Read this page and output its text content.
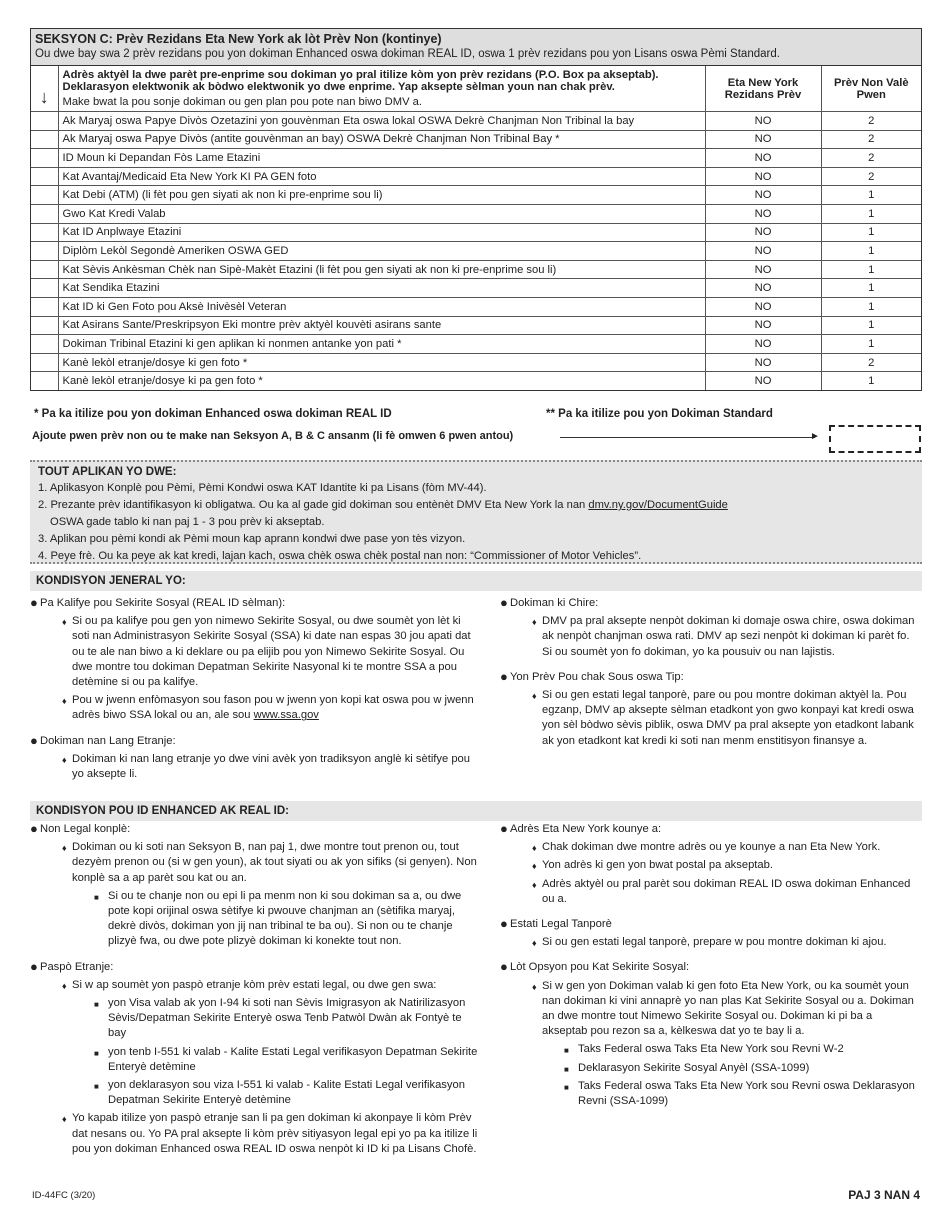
SEKSYON C: Prèv Rezidans Eta New York ak lòt Prèv Non (kontinye)
Ou dwe bay swa 2 prèv rezidans pou yon dokiman Enhanced oswa dokiman REAL ID, oswa 1 prèv rezidans pou yon Lisans oswa Pèmi Standard.
↓	Adrès aktyèl la dwe parèt pre-enprime sou dokiman yo pral itilize kòm yon prèv rezidans (P.O. Box pa akseptab). Deklarasyon elektwonik ak bòdwo elektwonik yo dwe enprime. Yap aksepte sèlman youn nan chak prèv.
Make bwat la pou sonje dokiman ou gen plan pou pote nan biwo DMV a.	Eta New York Rezidans Prèv	Prèv Non Valè Pwen
	Ak Maryaj oswa Papye Divòs Ozetazini yon gouvènman Eta oswa lokal OSWA Dekrè Chanjman Non Tribinal la bay	NO	2
	Ak Maryaj oswa Papye Divòs (antite gouvènman an bay) OSWA Dekrè Chanjman Non Tribinal Bay *	NO	2
	ID Moun ki Depandan Fòs Lame Etazini	NO	2
	Kat Avantaj/Medicaid Eta New York KI PA GEN foto	NO	2
	Kat Debi (ATM) (li fèt pou gen siyati ak non ki pre-enprime sou li)	NO	1
	Gwo Kat Kredi Valab	NO	1
	Kat ID Anplwaye Etazini	NO	1
	Diplòm Lekòl Segondè Ameriken OSWA GED	NO	1
	Kat Sèvis Ankèsman Chèk nan Sipè-Makèt Etazini (li fèt pou gen siyati ak non ki pre-enprime sou li)	NO	1
	Kat Sendika Etazini	NO	1
	Kat ID ki Gen Foto pou Aksè Inivèsèl Veteran	NO	1
	Kat Asirans Sante/Preskripsyon Eki montre prèv aktyèl kouvèti asirans sante	NO	1
	Dokiman Tribinal Etazini ki gen aplikan ki nonmen antanke yon pati *	NO	1
	Kanè lekòl etranje/dosye ki gen foto *	NO	2
	Kanè lekòl etranje/dosye ki pa gen foto *	NO	1
* Pa ka itilize pou yon dokiman Enhanced oswa dokiman REAL ID	** Pa ka itilize pou yon Dokiman Standard
Ajoute pwen prèv non ou te make nan Seksyon A, B & C ansanm (li fè omwen 6 pwen antou)	►
TOUT APLIKAN YO DWE:
1. Aplikasyon Konplè pou Pèmi, Pèmi Kondwi oswa KAT Idantite ki pa Lisans (fòm MV-44).
2. Prezante prèv idantifikasyon ki obligatwa. Ou ka al gade gid dokiman sou entènèt DMV Eta New York la nan dmv.ny.gov/DocumentGuide
OSWA gade tablo ki nan paj 1 - 3 pou prèv ki akseptab.
3. Aplikan pou pèmi kondi ak Pèmi moun kap aprann kondwi dwe pase yon tès vizyon.
4. Peye frè. Ou ka peye ak kat kredi, lajan kach, oswa chèk oswa chèk postal nan non: “Commissioner of Motor Vehicles”.
KONDISYON JENERAL YO:
● Pa Kalifye pou Sekirite Sosyal (REAL ID sèlman):
♦ Si ou pa kalifye pou gen yon nimewo Sekirite Sosyal, ou dwe soumèt yon lèt ki soti nan Administrasyon Sekirite Sosyal (SSA) ki date nan espas 30 jou apati dat ou te ale nan biwo a ki deklare ou pa elijib pou yon Nimewo Sekirite Sosyal. Ou dwe montre tou dokiman Depatman Sekirite Nasyonal ki te montre SSA a pou detèmine si ou pa kalifye.
♦ Pou w jwenn enfòmasyon sou fason pou w jwenn yon kopi kat oswa pou w jwenn adrès biwo SSA lokal ou an, ale sou www.ssa.gov
● Dokiman nan Lang Etranje:
♦ Dokiman ki nan lang etranje yo dwe vini avèk yon tradiksyon anglè ki sètifye pou yo aksepte li.
● Dokiman ki Chire:
♦ DMV pa pral aksepte nenpòt dokiman ki domaje oswa chire, oswa dokiman ak nenpòt chanjman oswa rati. DMV ap sezi nenpòt ki dokiman ki parèt fo. Si ou soumèt yon fo dokiman, yo ka pousuiv ou nan lajistis.
● Yon Prèv Pou chak Sous oswa Tip:
♦ Si ou gen estati legal tanporè, pare ou pou montre dokiman aktyèl la. Pou egzanp, DMV ap aksepte sèlman etadkont yon gwo konpayi kat kredi oswa yon sèl bòdwo sèvis piblik, oswa DMV pa pral aksepte yon etadkont labank ak yon etadkont kat kredi ki soti nan menm enstitisyon finansye a.
KONDISYON POU ID ENHANCED AK REAL ID:
● Non Legal konplè:
♦ Dokiman ou ki soti nan Seksyon B, nan paj 1, dwe montre tout prenon ou, tout dezyèm prenon ou (si w gen youn), ak tout siyati ou ak yon sifiks (si genyen). Non konplè sa a ap parèt sou kat ou an.
■ Si ou te chanje non ou epi li pa menm non ki sou dokiman sa a, ou dwe pote kopi orijinal oswa sètifye ki pwouve chanjman an (sètifika maryaj, dekrè divòs, dokiman yon jij nan tribinal te ba ou). Si non ou te chanje plizyè fwa, ou dwe pote plizyè dokiman ki konekte tout non.
● Paspò Etranje:
♦ Si w ap soumèt yon paspò etranje kòm prèv estati legal, ou dwe gen swa:
■ yon Visa valab ak yon I-94 ki soti nan Sèvis Imigrasyon ak Natirilizasyon Sèvis/Depatman Sekirite Enteryè oswa Tenb Patwòl Dwàn ak Fontyè te bay
■ yon tenb I-551 ki valab - Kalite Estati Legal verifikasyon Depatman Sekirite Enteryè detèmine
■ yon deklarasyon sou viza I-551 ki valab - Kalite Estati Legal verifikasyon Depatman Sekirite Enteryè detèmine
♦ Yo kapab itilize yon paspò etranje san li pa gen dokiman ki akonpaye li kòm Prèv dat nesans ou. Yo PA pral aksepte li kòm prèv sitiyasyon legal epi yo pa ka itilize li pou yon dokiman Enhanced oswa REAL ID oswa nenpòt ki ID ki pa Lisans Chofè.
● Adrès Eta New York kounye a:
♦ Chak dokiman dwe montre adrès ou ye kounye a nan Eta New York.
♦ Yon adrès ki gen yon bwat postal pa akseptab.
♦ Adrès aktyèl ou pral parèt sou dokiman REAL ID oswa dokiman Enhanced ou a.
● Estati Legal Tanporè
♦ Si ou gen estati legal tanporè, prepare w pou montre dokiman ki ajou.
● Lòt Opsyon pou Kat Sekirite Sosyal:
♦ Si w gen yon Dokiman valab ki gen foto Eta New York, ou ka soumèt youn nan dokiman ki vini annaprè yo nan plas Kat Sekirite Sosyal ou a. Dokiman an dwe montre tout Nimewo Sekirite Sosyal ou. Dokiman ki pi ba a akseptab pou rezon sa a, kèlkeswa dat yo te bay li a.
■ Taks Federal oswa Taks Eta New York sou Revni W-2
■ Deklarasyon Sekirite Sosyal Anyèl (SSA-1099)
■ Taks Federal oswa Taks Eta New York sou Revni oswa Deklarasyon Revni (SSA-1099)
ID-44FC (3/20)	PAJ 3 NAN 4
